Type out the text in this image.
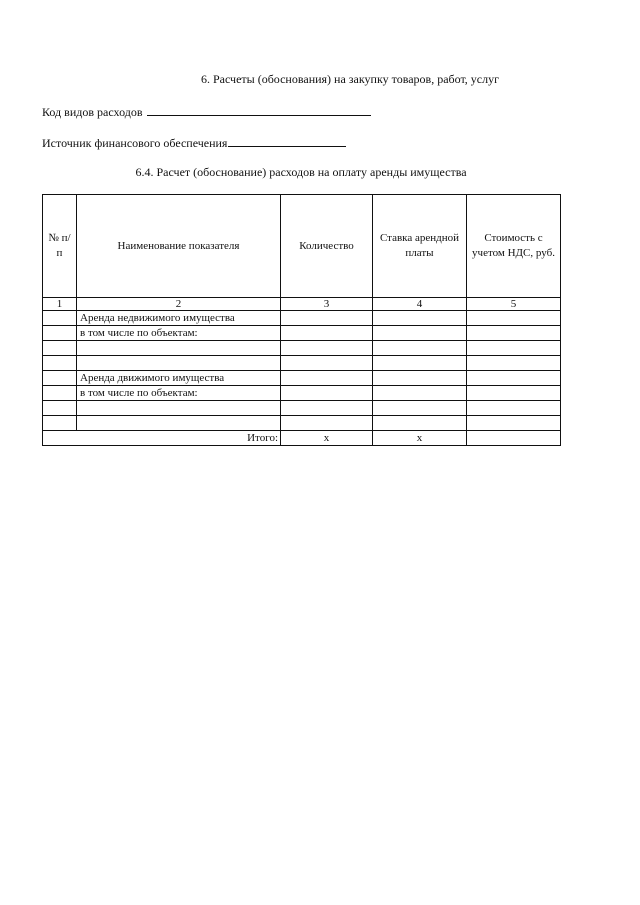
6. Расчеты (обоснования) на закупку товаров, работ, услуг
Код видов расходов
Источник финансового обеспечения
6.4. Расчет (обоснование) расходов на оплату аренды имущества
№ п/п	Наименование показателя	Количество	Ставка арендной платы	Стоимость с учетом НДС, руб.
1	2	3	4	5
	Аренда недвижимого имущества			
	в том числе по объектам:			

	Аренда движимого имущества			
	в том числе по объектам:			

Итого:		x	x	
